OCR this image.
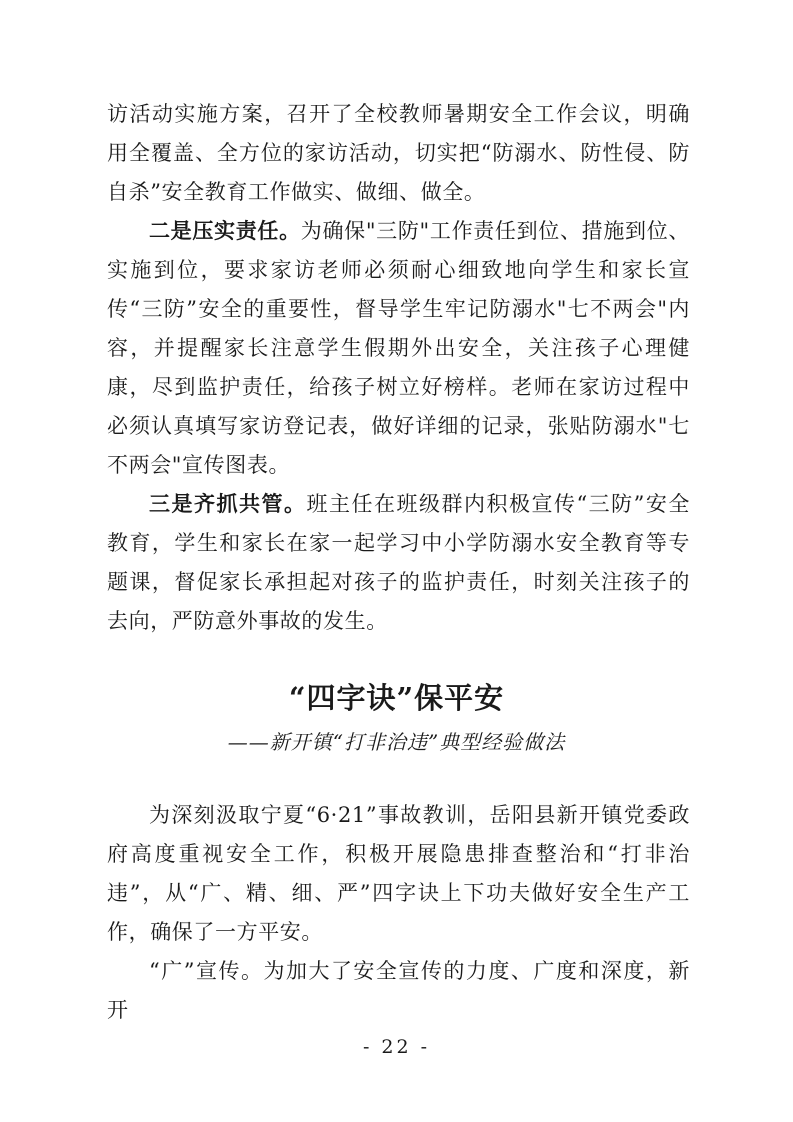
访活动实施方案，召开了全校教师暑期安全工作会议，明确用全覆盖、全方位的家访活动，切实把“防溺水、防性侵、防自杀”安全教育工作做实、做细、做全。

二是压实责任。为确保"三防"工作责任到位、措施到位、实施到位，要求家访老师必须耐心细致地向学生和家长宣传“三防”安全的重要性，督导学生牢记防溺水"七不两会"内容，并提醒家长注意学生假期外出安全，关注孩子心理健康，尽到监护责任，给孩子树立好榜样。老师在家访过程中必须认真填写家访登记表，做好详细的记录，张贴防溺水"七不两会"宣传图表。

三是齐抓共管。班主任在班级群内积极宣传“三防”安全教育，学生和家长在家一起学习中小学防溺水安全教育等专题课，督促家长承担起对孩子的监护责任，时刻关注孩子的去向，严防意外事故的发生。

“四字诀”保平安
——新开镇“打非治违”典型经验做法

为深刻汲取宁夏“6·21”事故教训，岳阳县新开镇党委政府高度重视安全工作，积极开展隐患排查整治和“打非治违”，从“广、精、细、严”四字诀上下功夫做好安全生产工作，确保了一方平安。

“广”宣传。为加大了安全宣传的力度、广度和深度，新开

- 22 -
